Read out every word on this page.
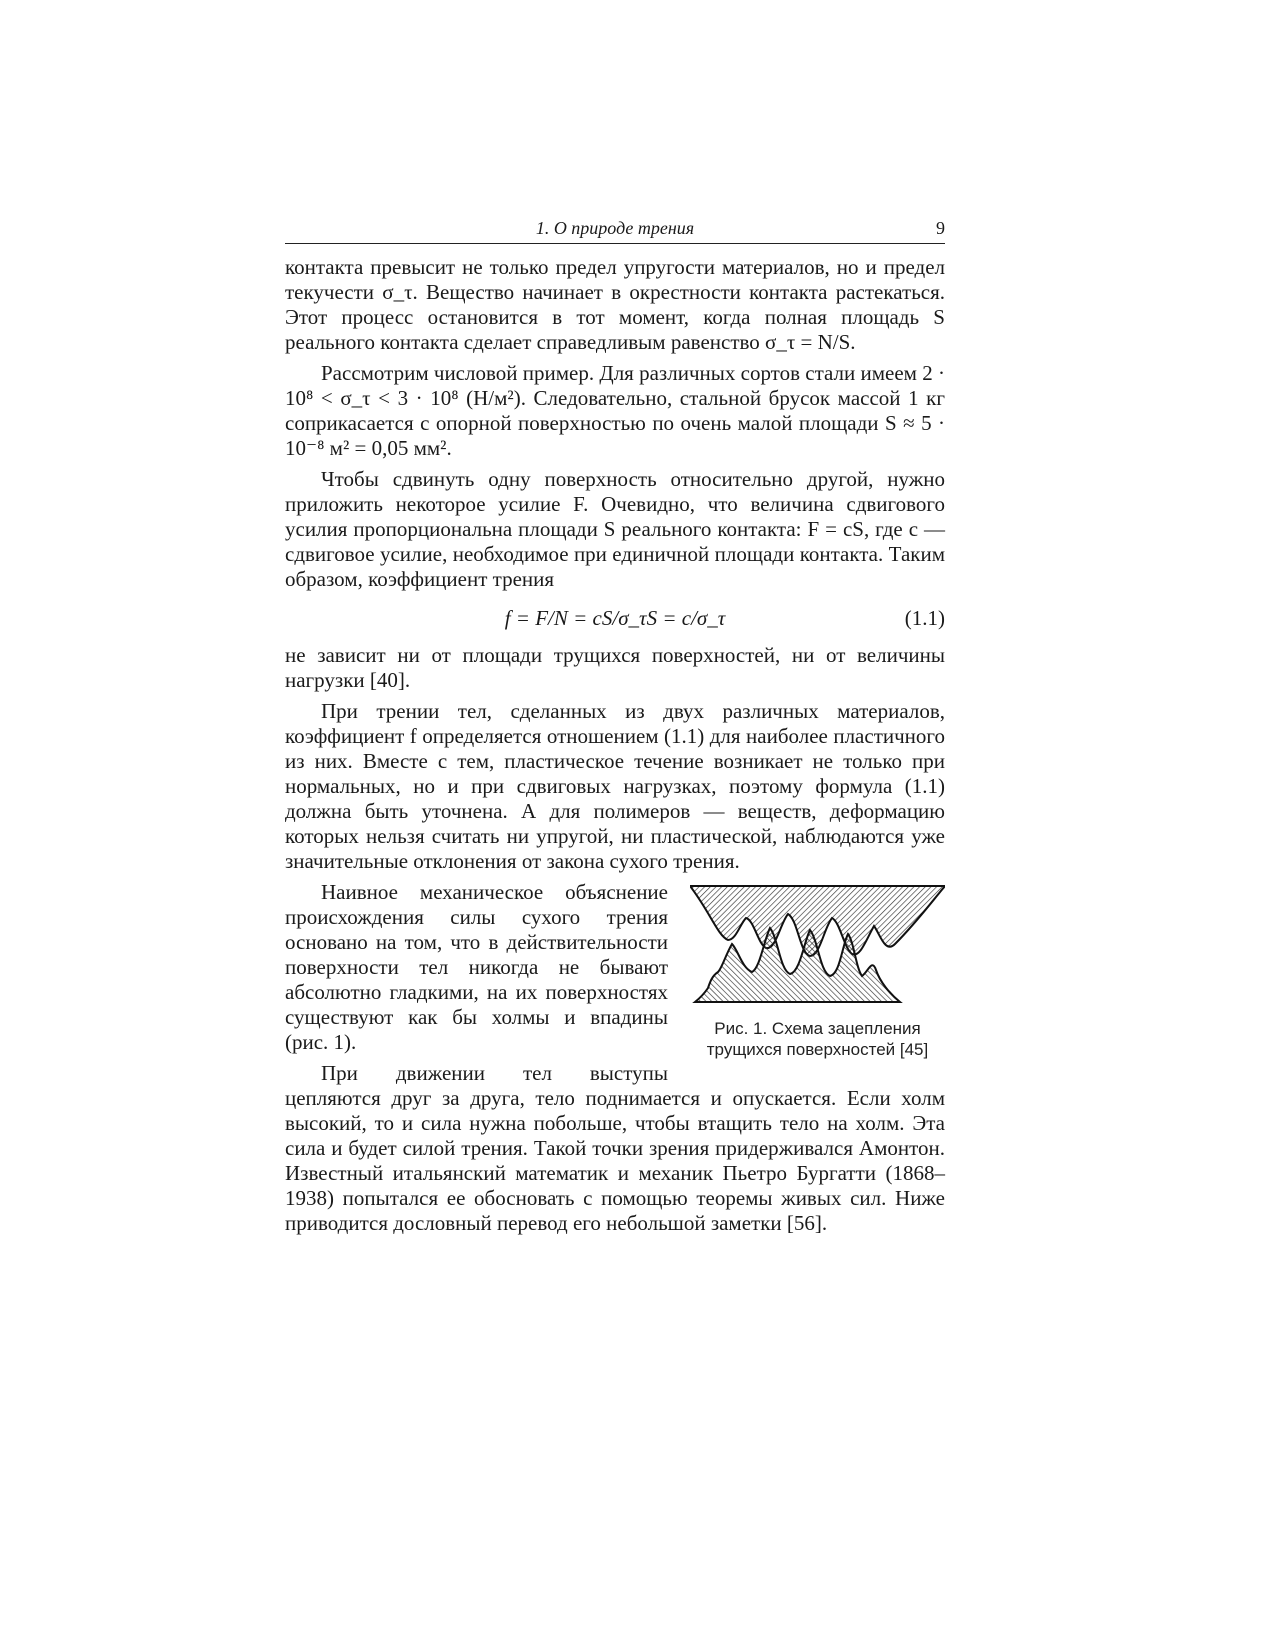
1. О природе трения	9

контакта превысит не только предел упругости материалов, но и предел текучести σ_τ. Вещество начинает в окрестности контакта растекаться. Этот процесс остановится в тот момент, когда полная площадь S реального контакта сделает справедливым равенство σ_τ = N/S.

Рассмотрим числовой пример. Для различных сортов стали имеем 2 · 10⁸ < σ_τ < 3 · 10⁸ (Н/м²). Следовательно, стальной брусок массой 1 кг соприкасается с опорной поверхностью по очень малой площади S ≈ 5 · 10⁻⁸ м² = 0,05 мм².

Чтобы сдвинуть одну поверхность относительно другой, нужно приложить некоторое усилие F. Очевидно, что величина сдвигового усилия пропорциональна площади S реального контакта: F = cS, где c — сдвиговое усилие, необходимое при единичной площади контакта. Таким образом, коэффициент трения

f = F/N = cS/σ_τS = c/σ_τ	(1.1)

не зависит ни от площади трущихся поверхностей, ни от величины нагрузки [40].

При трении тел, сделанных из двух различных материалов, коэффициент f определяется отношением (1.1) для наиболее пластичного из них. Вместе с тем, пластическое течение возникает не только при нормальных, но и при сдвиговых нагрузках, поэтому формула (1.1) должна быть уточнена. А для полимеров — веществ, деформацию которых нельзя считать ни упругой, ни пластической, наблюдаются уже значительные отклонения от закона сухого трения.

Рис. 1. Схема зацепления трущихся поверхностей [45]

Наивное механическое объяснение происхождения силы сухого трения основано на том, что в действительности поверхности тел никогда не бывают абсолютно гладкими, на их поверхностях существуют как бы холмы и впадины (рис. 1).

При движении тел выступы цепляются друг за друга, тело поднимается и опускается. Если холм высокий, то и сила нужна побольше, чтобы втащить тело на холм. Эта сила и будет силой трения. Такой точки зрения придерживался Амонтон. Известный итальянский математик и механик Пьетро Бургатти (1868–1938) попытался ее обосновать с помощью теоремы живых сил. Ниже приводится дословный перевод его небольшой заметки [56].
